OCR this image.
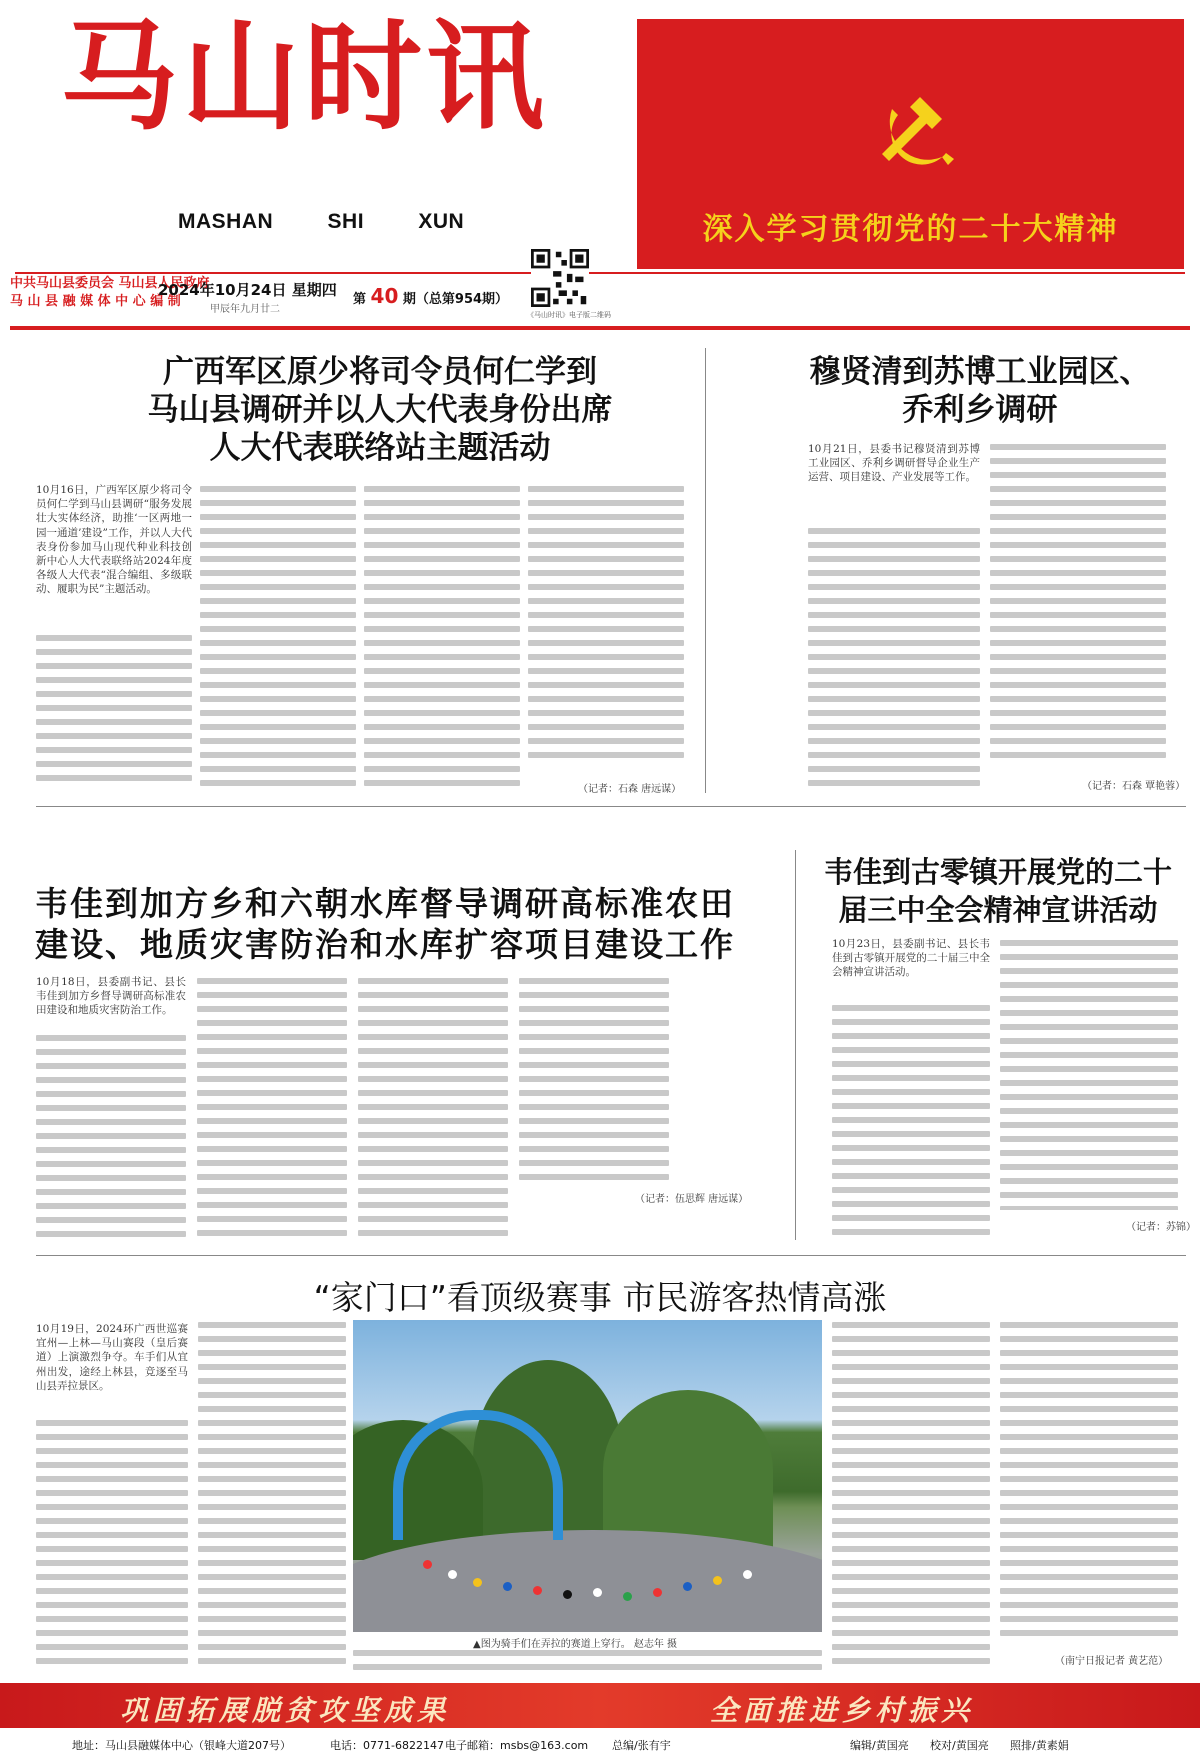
马山时讯
MASHAN	SHI XUN	深入学习贯彻党的二十大精神
中共马山县委员会 马山县人民政府
马 山 县 融 媒 体 中 心 编 制
2024年10月24日 星期四
甲辰年九月廿二
第 40 期（总第954期）
《马山时讯》电子版二维码
广西军区原少将司令员何仁学到
马山县调研并以人大代表身份出席
人大代表联络站主题活动
10月16日，广西军区原少将司令员何仁学到马山县调研“服务发展壮大实体经济，助推‘一区两地一园一通道’建设”工作，并以人大代表身份参加马山现代种业科技创新中心人大代表联络站2024年度各级人大代表“混合编组、多级联动、履职为民”主题活动。
（记者：石森 唐远谋）
穆贤清到苏博工业园区、
乔利乡调研
10月21日，县委书记穆贤清到苏博工业园区、乔利乡调研督导企业生产运营、项目建设、产业发展等工作。
（记者：石森 覃艳蓉）
韦佳到加方乡和六朝水库督导调研高标准农田
建设、地质灾害防治和水库扩容项目建设工作
10月18日，县委副书记、县长韦佳到加方乡督导调研高标准农田建设和地质灾害防治工作。
（记者：伍思辉 唐远谋）
韦佳到古零镇开展党的二十
届三中全会精神宣讲活动
10月23日，县委副书记、县长韦佳到古零镇开展党的二十届三中全会精神宣讲活动。
（记者：苏锦）
“家门口”看顶级赛事 市民游客热情高涨
10月19日，2024环广西世巡赛宜州—上林—马山赛段（皇后赛道）上演激烈争夺。车手们从宜州出发，途经上林县，竞逐至马山县弄拉景区。
▲图为骑手们在弄拉的赛道上穿行。 赵志年 摄
（南宁日报记者 黄艺范）
巩固拓展脱贫攻坚成果	全面推进乡村振兴
地址：马山县融媒体中心（银峰大道207号）	电话：0771-6822147 电子邮箱：msbs@163.com 总编/张有宇	编辑/黄国亮 校对/黄国亮 照排/黄素娟
